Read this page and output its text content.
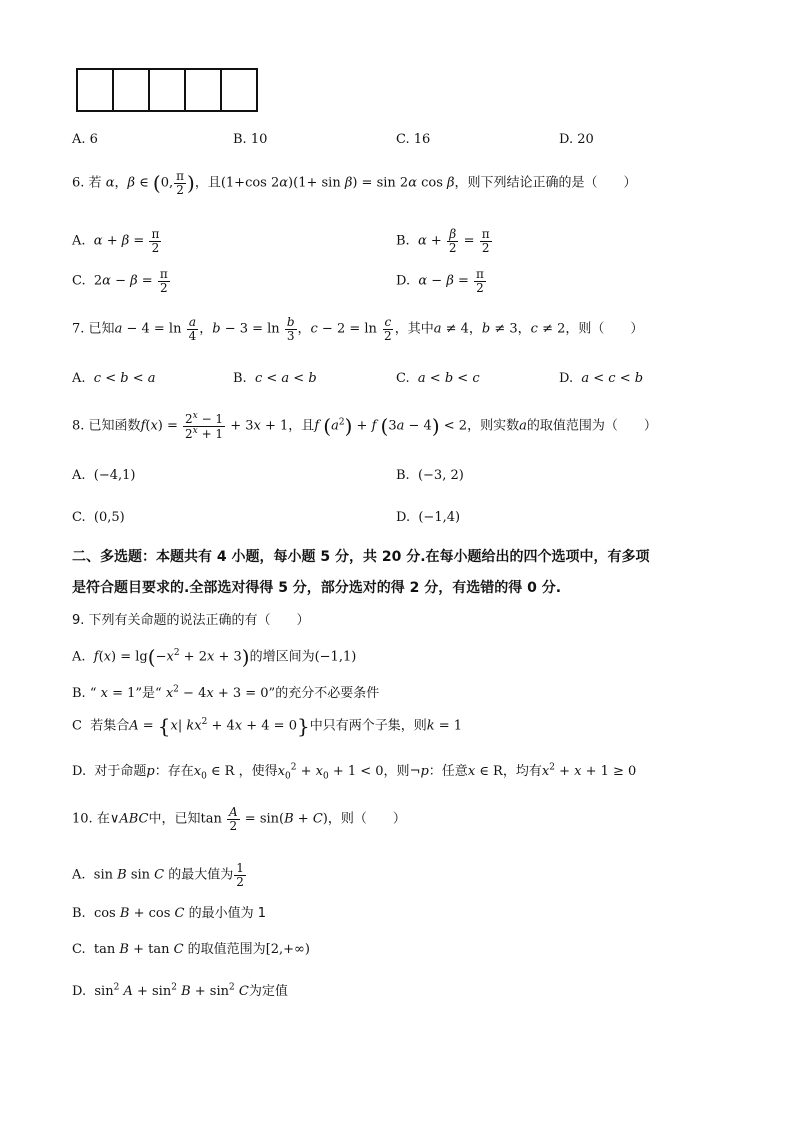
A. 6	B. 10	C. 16	D. 20
6. 若 α，β ∈ (0, $\frac{\pi}{2}$ )，且(1+cos 2α)(1+ sin β) = sin 2α cos β，则下列结论正确的是（　　）
A. $\alpha + \beta = \frac{\pi}{2}$	B. $\alpha + \frac{\beta}{2} = \frac{\pi}{2}$
C.  $2\alpha - \beta = \frac{\pi}{2}$	D. $\alpha - \beta = \frac{\pi}{2}$
7. 已知$a - 4 = \ln \frac{a}{4}$ ，$b - 3 = \ln \frac{b}{3}$ ，$c - 2 = \ln \frac{c}{2}$ ，其中a ≠ 4，b ≠ 3，c ≠ 2，则（　　）
A. c < b < a	B. c < a < b	C. a < b < c	D. a < c < b
8. 已知函数$f(x) = \frac{2^x - 1}{2^x + 1} + 3x + 1$，且f $(a^2) + f$ (3a − 4) < 2，则实数a的取值范围为（　　）
A. (−4,1)	B. (−3, 2)
C. (0,5)	D. (−1,4)
二、多选题：本题共有 4 小题，每小题 5 分，共 20 分.在每小题给出的四个选项中，有多项
是符合题目要求的.全部选对得得 5 分，部分选对的得 2 分，有选错的得 0 分.
9. 下列有关命题的说法正确的有（　　）
A. $f(x) = \lg(-x^2 + 2x + 3)$的增区间为(−1,1)
B. “ x = 1”是“ $x^2 - 4x + 3 = 0$”的充分不必要条件
C 若集合A = {x| $kx^2 + 4x + 4 = 0$}中只有两个子集，则k = 1
D. 对于命题p：存在$x_0$ ∈ R ，使得$x_0^2 + x_0 + 1 < 0$，则¬p：任意x ∈ R，均有$x^2 + x + 1 \ge 0$
10. 在∨ABC中，已知$\tan \frac{A}{2} = \sin(B + C)$，则（　　）
A.  sin B sin C 的最大值为 $\frac{1}{2}$
B.  cos B + cos C 的最小值为 1
C.  tan B + tan C 的取值范围为[2,+∞)
D.  $\sin^2 A + \sin^2 B + \sin^2 C$为定值
